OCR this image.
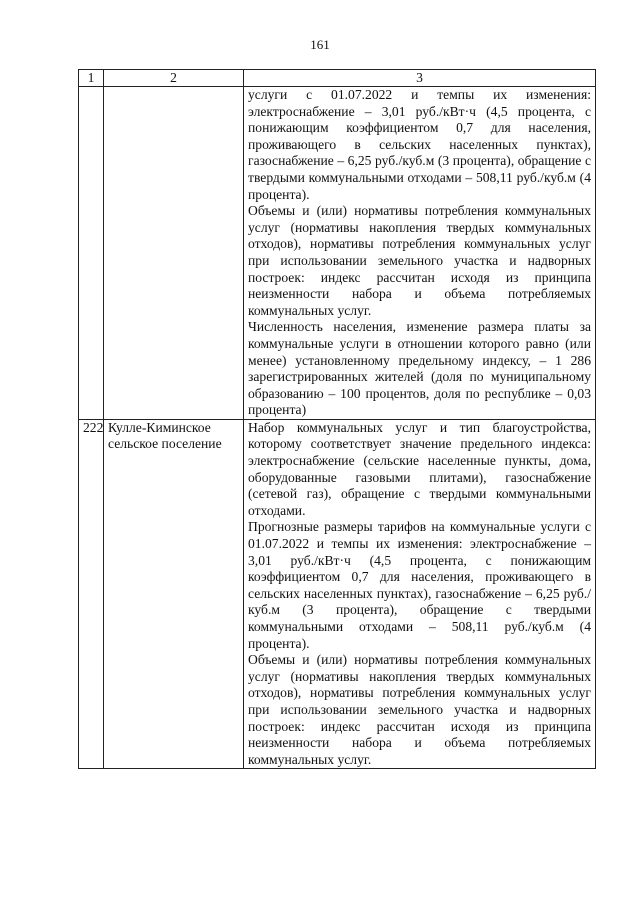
161
1	2	3

		услуги с 01.07.2022 и темпы их изменения: электроснабжение – 3,01 руб./кВт·ч (4,5 процента, с понижающим коэффициентом 0,7 для населения, проживающего в сельских населенных пунктах), газоснабжение – 6,25 руб./куб.м (3 процента), обращение с твердыми коммунальными отходами – 508,11 руб./куб.м (4 процента).

Объемы и (или) нормативы потребления коммунальных услуг (нормативы накопления твердых коммунальных отходов), нормативы потребления коммунальных услуг при использовании земельного участка и надворных построек: индекс рассчитан исходя из принципа неизменности набора и объема потребляемых коммунальных услуг.

Численность населения, изменение размера платы за коммунальные услуги в отношении которого равно (или менее) установленному предельному индексу, – 1 286 зарегистрированных жителей (доля по муниципальному образованию – 100 процентов, доля по республике – 0,03 процента)

222	Кулле-Киминское сельское поселение	Набор коммунальных услуг и тип благоустройства, которому соответствует значение предельного индекса: электроснабжение (сельские населенные пункты, дома, оборудованные газовыми плитами), газоснабжение (сетевой газ), обращение с твердыми коммунальными отходами.

Прогнозные размеры тарифов на коммунальные услуги с 01.07.2022 и темпы их изменения: электроснабжение – 3,01 руб./кВт·ч (4,5 процента, с понижающим коэффициентом 0,7 для населения, проживающего в сельских населенных пунктах), газоснабжение – 6,25 руб./куб.м (3 процента), обращение с твердыми коммунальными отходами – 508,11 руб./куб.м (4 процента).

Объемы и (или) нормативы потребления коммунальных услуг (нормативы накопления твердых коммунальных отходов), нормативы потребления коммунальных услуг при использовании земельного участка и надворных построек: индекс рассчитан исходя из принципа неизменности набора и объема потребляемых коммунальных услуг.
